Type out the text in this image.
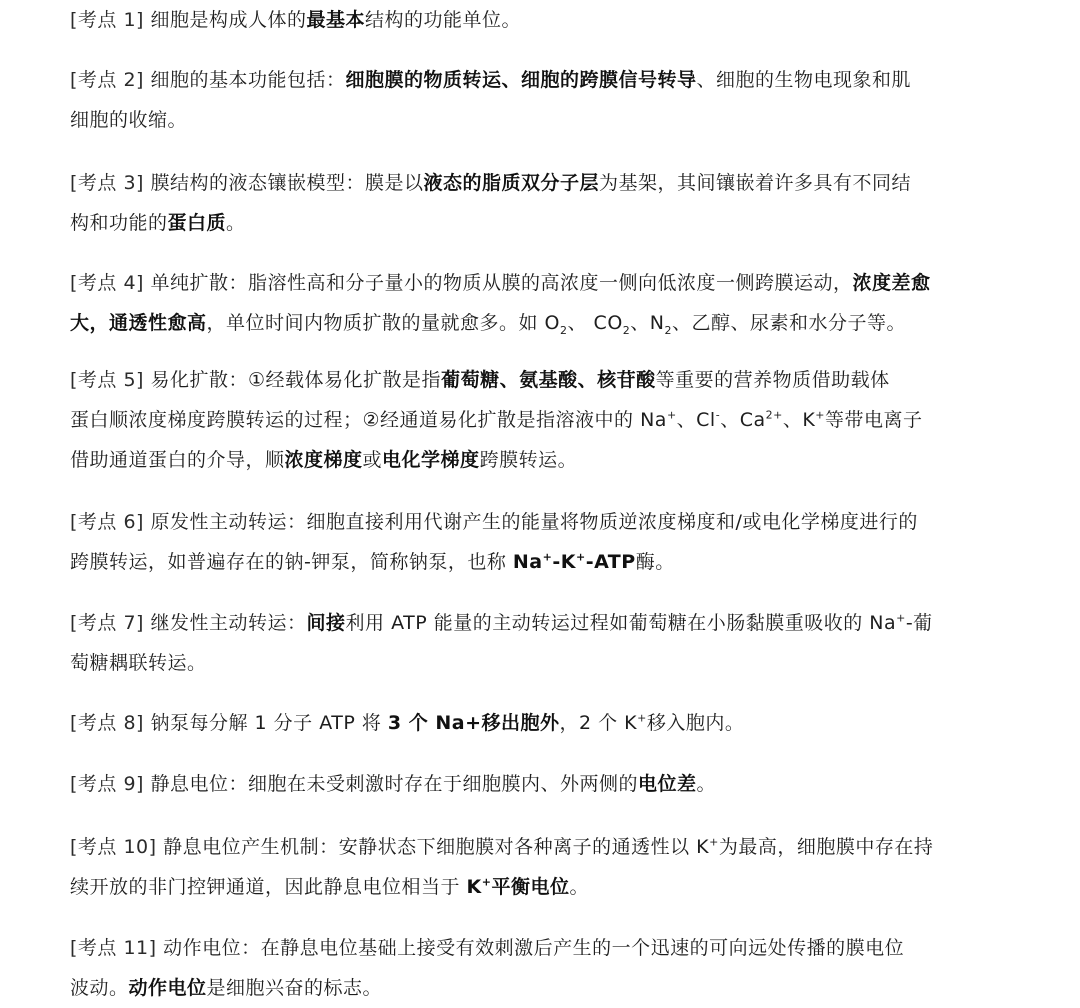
[考点 1] 细胞是构成人体的最基本结构的功能单位。
[考点 2] 细胞的基本功能包括：细胞膜的物质转运、细胞的跨膜信号转导、细胞的生物电现象和肌
细胞的收缩。
[考点 3] 膜结构的液态镶嵌模型：膜是以液态的脂质双分子层为基架，其间镶嵌着许多具有不同结
构和功能的蛋白质。
[考点 4] 单纯扩散：脂溶性高和分子量小的物质从膜的高浓度一侧向低浓度一侧跨膜运动，浓度差愈
大，通透性愈高，单位时间内物质扩散的量就愈多。如 $O_2$、 $CO_2$、$N_2$、乙醇、尿素和水分子等。
[考点 5] 易化扩散：①经载体易化扩散是指葡萄糖、氨基酸、核苷酸等重要的营养物质借助载体
蛋白顺浓度梯度跨膜转运的过程；②经通道易化扩散是指溶液中的 Na+、Cl-、$Ca^{2+}$、K+等带电离子
借助通道蛋白的介导，顺浓度梯度或电化学梯度跨膜转运。
[考点 6] 原发性主动转运：细胞直接利用代谢产生的能量将物质逆浓度梯度和/或电化学梯度进行的
跨膜转运，如普遍存在的钠-钾泵，简称钠泵，也称 Na+-K+-ATP酶。
[考点 7] 继发性主动转运：间接利用 ATP 能量的主动转运过程如葡萄糖在小肠黏膜重吸收的 Na+-葡
萄糖耦联转运。
[考点 8] 钠泵每分解 1 分子 ATP 将 3 个 Na+移出胞外，2 个 K+移入胞内。
[考点 9] 静息电位：细胞在未受刺激时存在于细胞膜内、外两侧的电位差。
[考点 10] 静息电位产生机制：安静状态下细胞膜对各种离子的通透性以 K+为最高，细胞膜中存在持
续开放的非门控钾通道，因此静息电位相当于 K+平衡电位。
[考点 11] 动作电位：在静息电位基础上接受有效刺激后产生的一个迅速的可向远处传播的膜电位
波动。动作电位是细胞兴奋的标志。
